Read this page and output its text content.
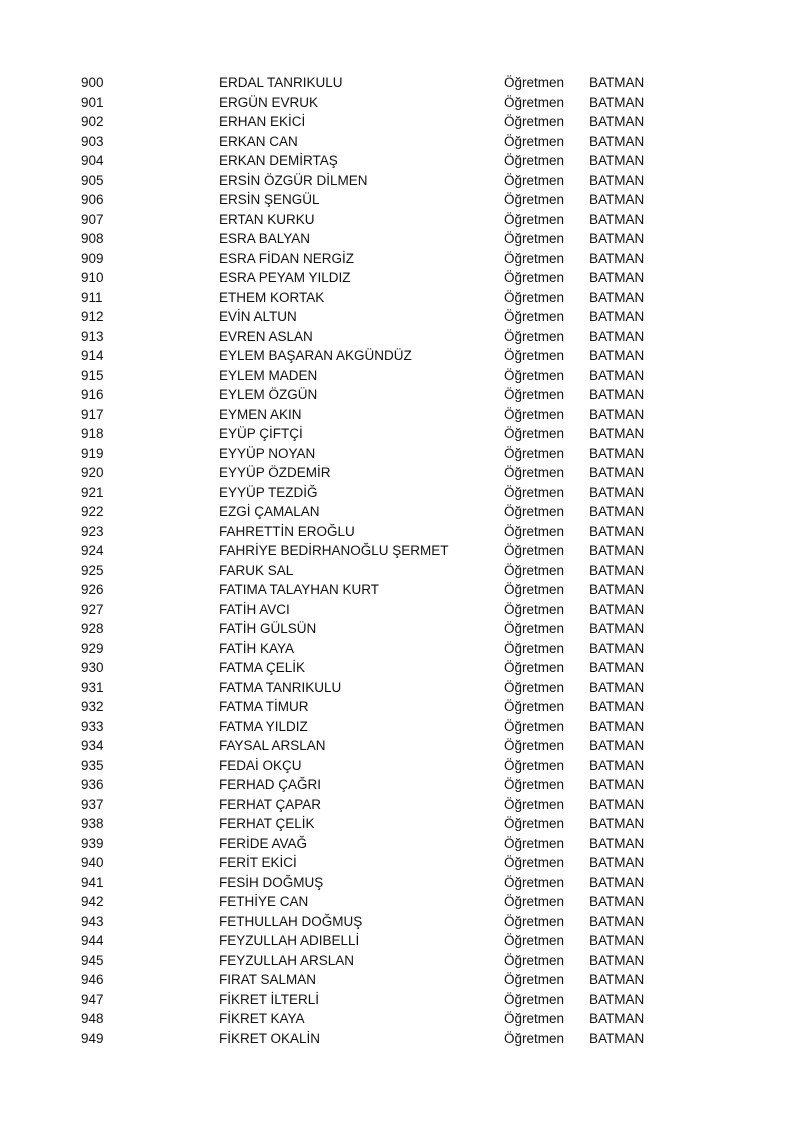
900	ERDAL TANRIKULU	Öğretmen BATMAN
901	ERGÜN EVRUK	Öğretmen BATMAN
902	ERHAN EKİCİ	Öğretmen BATMAN
903	ERKAN CAN	Öğretmen BATMAN
904	ERKAN DEMİRTAŞ	Öğretmen BATMAN
905	ERSİN ÖZGÜR DİLMEN	Öğretmen BATMAN
906	ERSİN ŞENGÜL	Öğretmen BATMAN
907	ERTAN KURKU	Öğretmen BATMAN
908	ESRA BALYAN	Öğretmen BATMAN
909	ESRA FİDAN NERGİZ	Öğretmen BATMAN
910	ESRA PEYAM YILDIZ	Öğretmen BATMAN
911	ETHEM KORTAK	Öğretmen BATMAN
912	EVİN ALTUN	Öğretmen BATMAN
913	EVREN ASLAN	Öğretmen BATMAN
914	EYLEM BAŞARAN AKGÜNDÜZ	Öğretmen BATMAN
915	EYLEM MADEN	Öğretmen BATMAN
916	EYLEM ÖZGÜN	Öğretmen BATMAN
917	EYMEN AKIN	Öğretmen BATMAN
918	EYÜP ÇİFTÇİ	Öğretmen BATMAN
919	EYYÜP NOYAN	Öğretmen BATMAN
920	EYYÜP ÖZDEMİR	Öğretmen BATMAN
921	EYYÜP TEZDİĞ	Öğretmen BATMAN
922	EZGİ ÇAMALAN	Öğretmen BATMAN
923	FAHRETTİN EROĞLU	Öğretmen BATMAN
924	FAHRİYE BEDİRHANOĞLU ŞERMET	Öğretmen BATMAN
925	FARUK SAL	Öğretmen BATMAN
926	FATIMA TALAYHAN KURT	Öğretmen BATMAN
927	FATİH AVCI	Öğretmen BATMAN
928	FATİH GÜLSÜN	Öğretmen BATMAN
929	FATİH KAYA	Öğretmen BATMAN
930	FATMA ÇELİK	Öğretmen BATMAN
931	FATMA TANRIKULU	Öğretmen BATMAN
932	FATMA TİMUR	Öğretmen BATMAN
933	FATMA YILDIZ	Öğretmen BATMAN
934	FAYSAL ARSLAN	Öğretmen BATMAN
935	FEDAİ OKÇU	Öğretmen BATMAN
936	FERHAD ÇAĞRI	Öğretmen BATMAN
937	FERHAT ÇAPAR	Öğretmen BATMAN
938	FERHAT ÇELİK	Öğretmen BATMAN
939	FERİDE AVAĞ	Öğretmen BATMAN
940	FERİT EKİCİ	Öğretmen BATMAN
941	FESİH DOĞMUŞ	Öğretmen BATMAN
942	FETHİYE CAN	Öğretmen BATMAN
943	FETHULLAH DOĞMUŞ	Öğretmen BATMAN
944	FEYZULLAH ADIBELLİ	Öğretmen BATMAN
945	FEYZULLAH ARSLAN	Öğretmen BATMAN
946	FIRAT SALMAN	Öğretmen BATMAN
947	FİKRET İLTERLİ	Öğretmen BATMAN
948	FİKRET KAYA	Öğretmen BATMAN
949	FİKRET OKALİN	Öğretmen BATMAN
